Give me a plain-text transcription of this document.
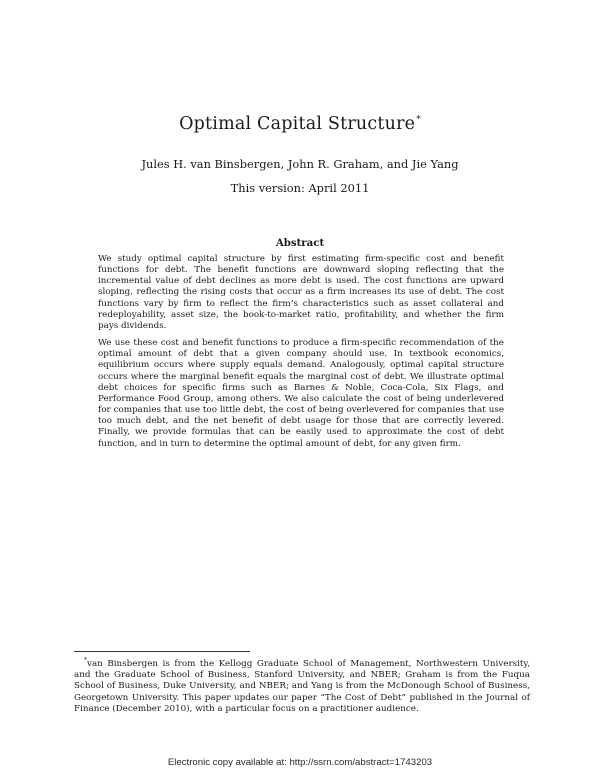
Optimal Capital Structure*
Jules H. van Binsbergen, John R. Graham, and Jie Yang
This version: April 2011
Abstract

We study optimal capital structure by first estimating firm-specific cost and benefit functions for debt. The benefit functions are downward sloping reflecting that the incremental value of debt declines as more debt is used. The cost functions are upward sloping, reflecting the rising costs that occur as a firm increases its use of debt. The cost functions vary by firm to reflect the firm’s characteristics such as asset collateral and redeployability, asset size, the book-to-market ratio, profitability, and whether the firm pays dividends.

We use these cost and benefit functions to produce a firm-specific recommendation of the optimal amount of debt that a given company should use. In textbook economics, equilibrium occurs where supply equals demand. Analogously, optimal capital structure occurs where the marginal benefit equals the marginal cost of debt. We illustrate optimal debt choices for specific firms such as Barnes & Noble, Coca-Cola, Six Flags, and Performance Food Group, among others. We also calculate the cost of being underlevered for companies that use too little debt, the cost of being overlevered for companies that use too much debt, and the net benefit of debt usage for those that are correctly levered. Finally, we provide formulas that can be easily used to approximate the cost of debt function, and in turn to determine the optimal amount of debt, for any given firm.

*van Binsbergen is from the Kellogg Graduate School of Management, Northwestern University, and the Graduate School of Business, Stanford University, and NBER; Graham is from the Fuqua School of Business, Duke University, and NBER; and Yang is from the McDonough School of Business, Georgetown University. This paper updates our paper “The Cost of Debt” published in the Journal of Finance (December 2010), with a particular focus on a practitioner audience.
Electronic copy available at: http://ssrn.com/abstract=1743203
